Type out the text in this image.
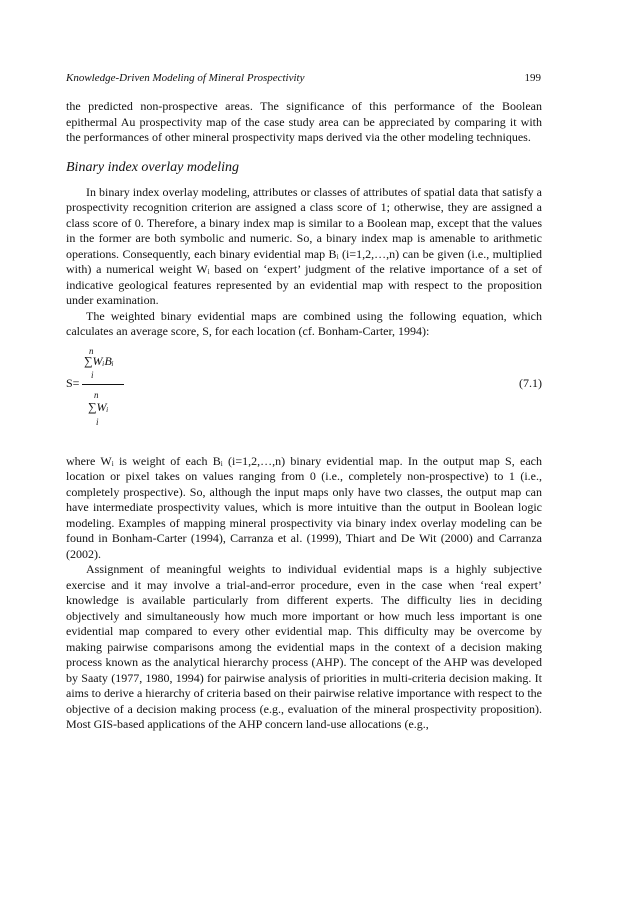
Knowledge-Driven Modeling of Mineral Prospectivity	199

the predicted non-prospective areas. The significance of this performance of the Boolean epithermal Au prospectivity map of the case study area can be appreciated by comparing it with the performances of other mineral prospectivity maps derived via the other modeling techniques.

Binary index overlay modeling

In binary index overlay modeling, attributes or classes of attributes of spatial data that satisfy a prospectivity recognition criterion are assigned a class score of 1; otherwise, they are assigned a class score of 0. Therefore, a binary index map is similar to a Boolean map, except that the values in the former are both symbolic and numeric. So, a binary index map is amenable to arithmetic operations. Consequently, each binary evidential map Bᵢ (i=1,2,…,n) can be given (i.e., multiplied with) a numerical weight Wᵢ based on ‘expert’ judgment of the relative importance of a set of indicative geological features represented by an evidential map with respect to the proposition under examination.

The weighted binary evidential maps are combined using the following equation, which calculates an average score, S, for each location (cf. Bonham-Carter, 1994):

n
∑WᵢBᵢ
i
S=
n
∑Wᵢ
i
(7.1)

where Wᵢ is weight of each Bᵢ (i=1,2,…,n) binary evidential map. In the output map S, each location or pixel takes on values ranging from 0 (i.e., completely non-prospective) to 1 (i.e., completely prospective). So, although the input maps only have two classes, the output map can have intermediate prospectivity values, which is more intuitive than the output in Boolean logic modeling. Examples of mapping mineral prospectivity via binary index overlay modeling can be found in Bonham-Carter (1994), Carranza et al. (1999), Thiart and De Wit (2000) and Carranza (2002).

Assignment of meaningful weights to individual evidential maps is a highly subjective exercise and it may involve a trial-and-error procedure, even in the case when ‘real expert’ knowledge is available particularly from different experts. The difficulty lies in deciding objectively and simultaneously how much more important or how much less important is one evidential map compared to every other evidential map. This difficulty may be overcome by making pairwise comparisons among the evidential maps in the context of a decision making process known as the analytical hierarchy process (AHP). The concept of the AHP was developed by Saaty (1977, 1980, 1994) for pairwise analysis of priorities in multi-criteria decision making. It aims to derive a hierarchy of criteria based on their pairwise relative importance with respect to the objective of a decision making process (e.g., evaluation of the mineral prospectivity proposition). Most GIS-based applications of the AHP concern land-use allocations (e.g.,
